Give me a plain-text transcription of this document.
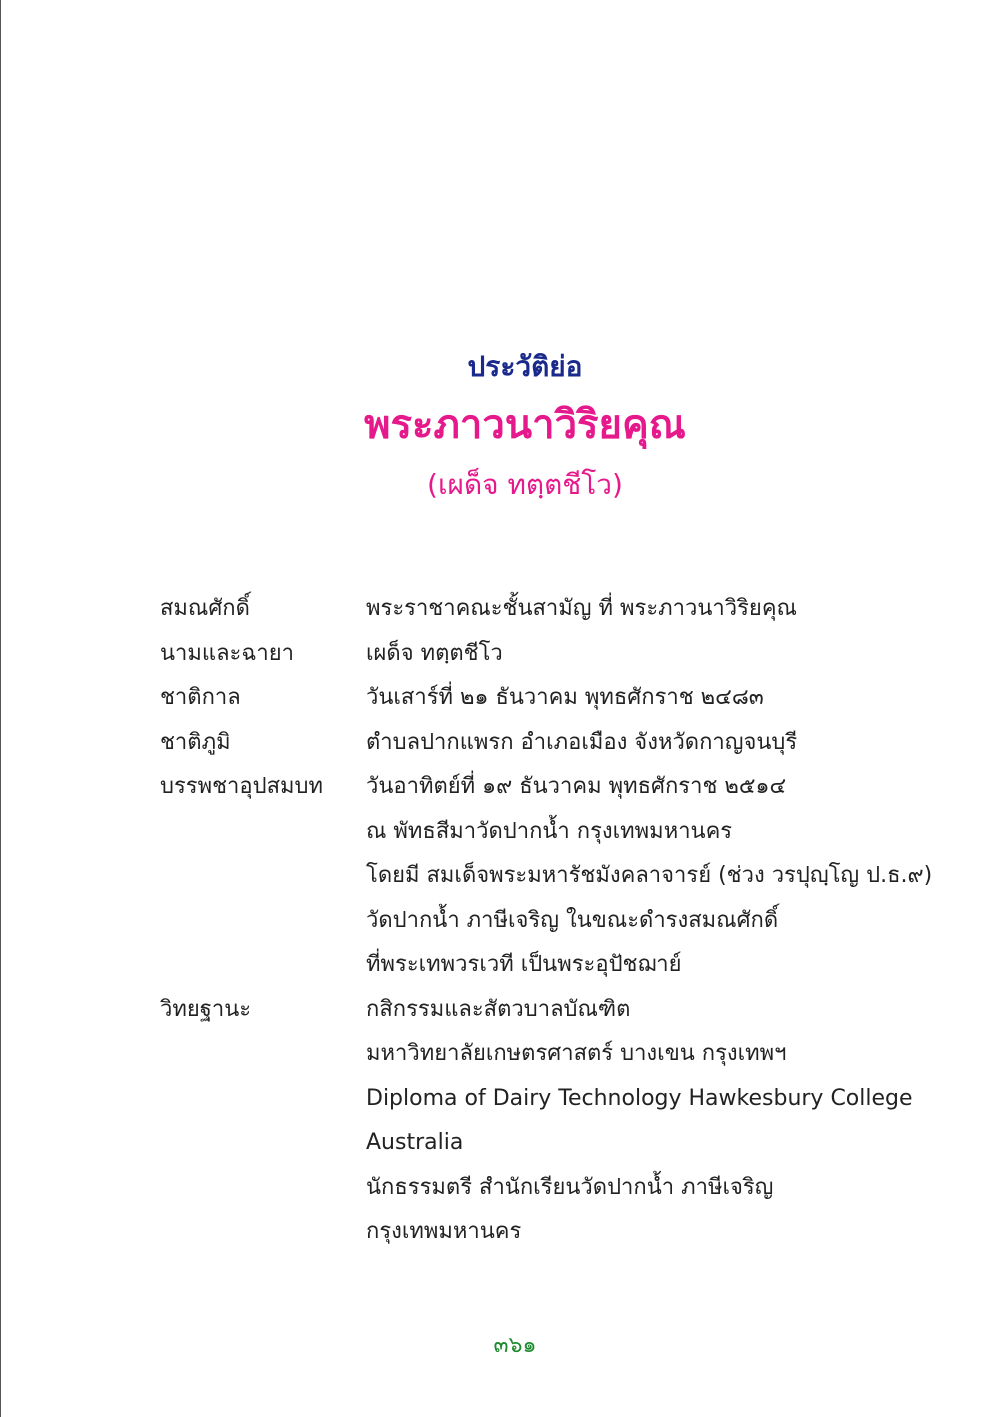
ประวัติย่อ
พระภาวนาวิริยคุณ
(เผด็จ ทตฺตชีโว)
สมณศักดิ์	พระราชาคณะชั้นสามัญ ที่ พระภาวนาวิริยคุณ
นามและฉายา	เผด็จ ทตฺตชีโว
ชาติกาล	วันเสาร์ที่ ๒๑ ธันวาคม พุทธศักราช ๒๔๘๓
ชาติภูมิ	ตำบลปากแพรก อำเภอเมือง จังหวัดกาญจนบุรี
บรรพชาอุปสมบท	วันอาทิตย์ที่ ๑๙ ธันวาคม พุทธศักราช ๒๕๑๔
ณ พัทธสีมาวัดปากน้ำ กรุงเทพมหานคร
โดยมี สมเด็จพระมหารัชมังคลาจารย์ (ช่วง วรปุญฺโญ ป.ธ.๙)
วัดปากน้ำ ภาษีเจริญ ในขณะดำรงสมณศักดิ์
ที่พระเทพวรเวที เป็นพระอุปัชฌาย์
วิทยฐานะ	กสิกรรมและสัตวบาลบัณฑิต
มหาวิทยาลัยเกษตรศาสตร์ บางเขน กรุงเทพฯ
Diploma of Dairy Technology Hawkesbury College
Australia
นักธรรมตรี สำนักเรียนวัดปากน้ำ ภาษีเจริญ
กรุงเทพมหานคร
๓๖๑
